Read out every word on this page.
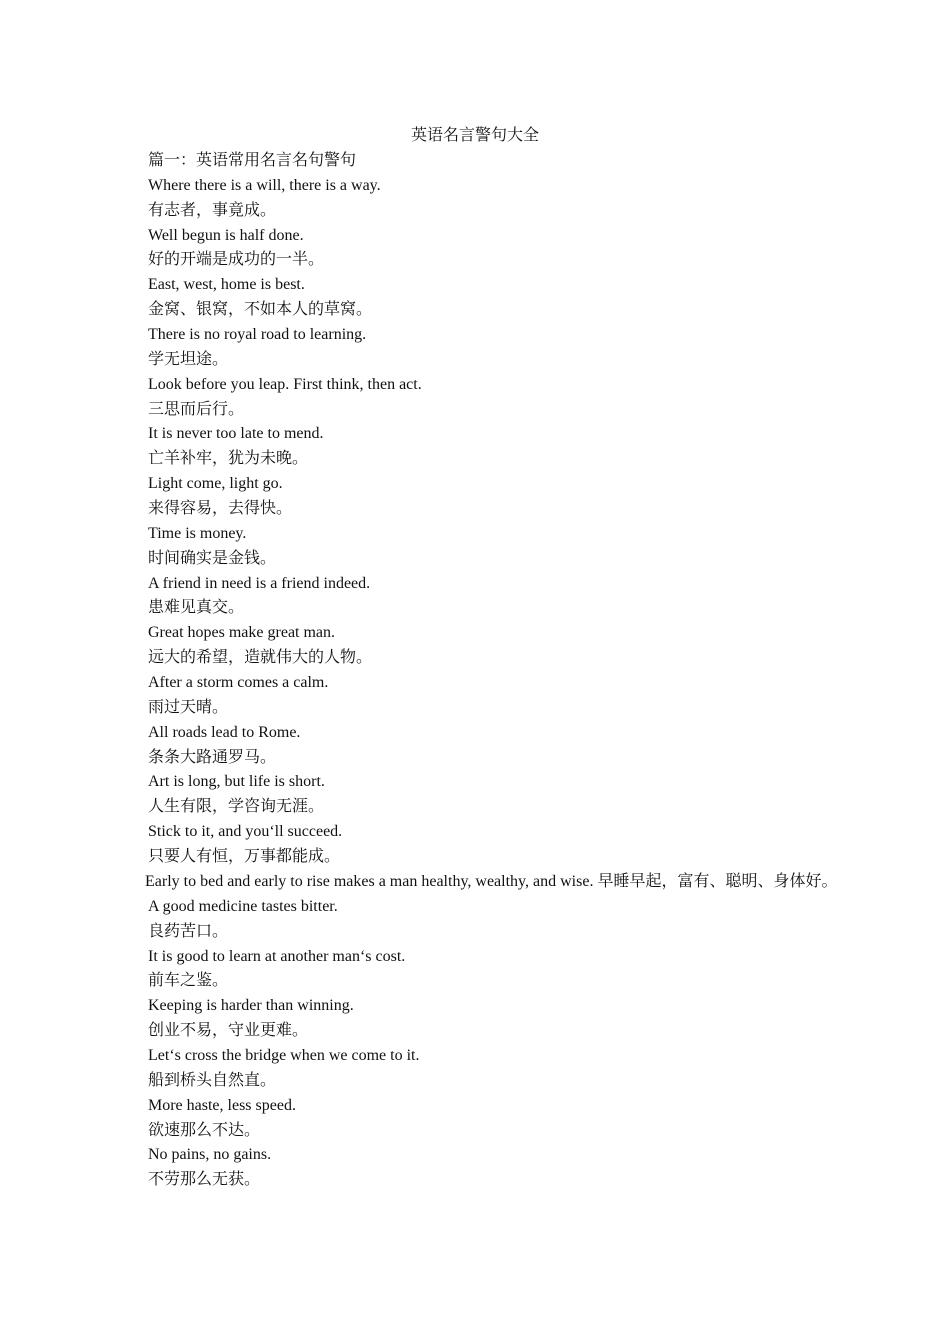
英语名言警句大全

篇一：英语常用名言名句警句

Where there is a will, there is a way.

有志者，事竟成。

Well begun is half done.

好的开端是成功的一半。

East, west, home is best.

金窝、银窝，不如本人的草窝。

There is no royal road to learning.

学无坦途。

Look before you leap. First think, then act.

三思而后行。

It is never too late to mend.

亡羊补牢，犹为未晚。

Light come, light go.

来得容易，去得快。

Time is money.

时间确实是金钱。

A friend in need is a friend indeed.

患难见真交。

Great hopes make great man.

远大的希望，造就伟大的人物。

After a storm comes a calm.

雨过天晴。

All roads lead to Rome.

条条大路通罗马。

Art is long, but life is short.

人生有限，学咨询无涯。

Stick to it, and you‘ll succeed.

只要人有恒，万事都能成。

Early to bed and early to rise makes a man healthy, wealthy, and wise. 早睡早起，富有、聪明、身体好。

A good medicine tastes bitter.

良药苦口。

It is good to learn at another man‘s cost.

前车之鉴。

Keeping is harder than winning.

创业不易，守业更难。

Let‘s cross the bridge when we come to it.

船到桥头自然直。

More haste, less speed.

欲速那么不达。

No pains, no gains.

不劳那么无获。
